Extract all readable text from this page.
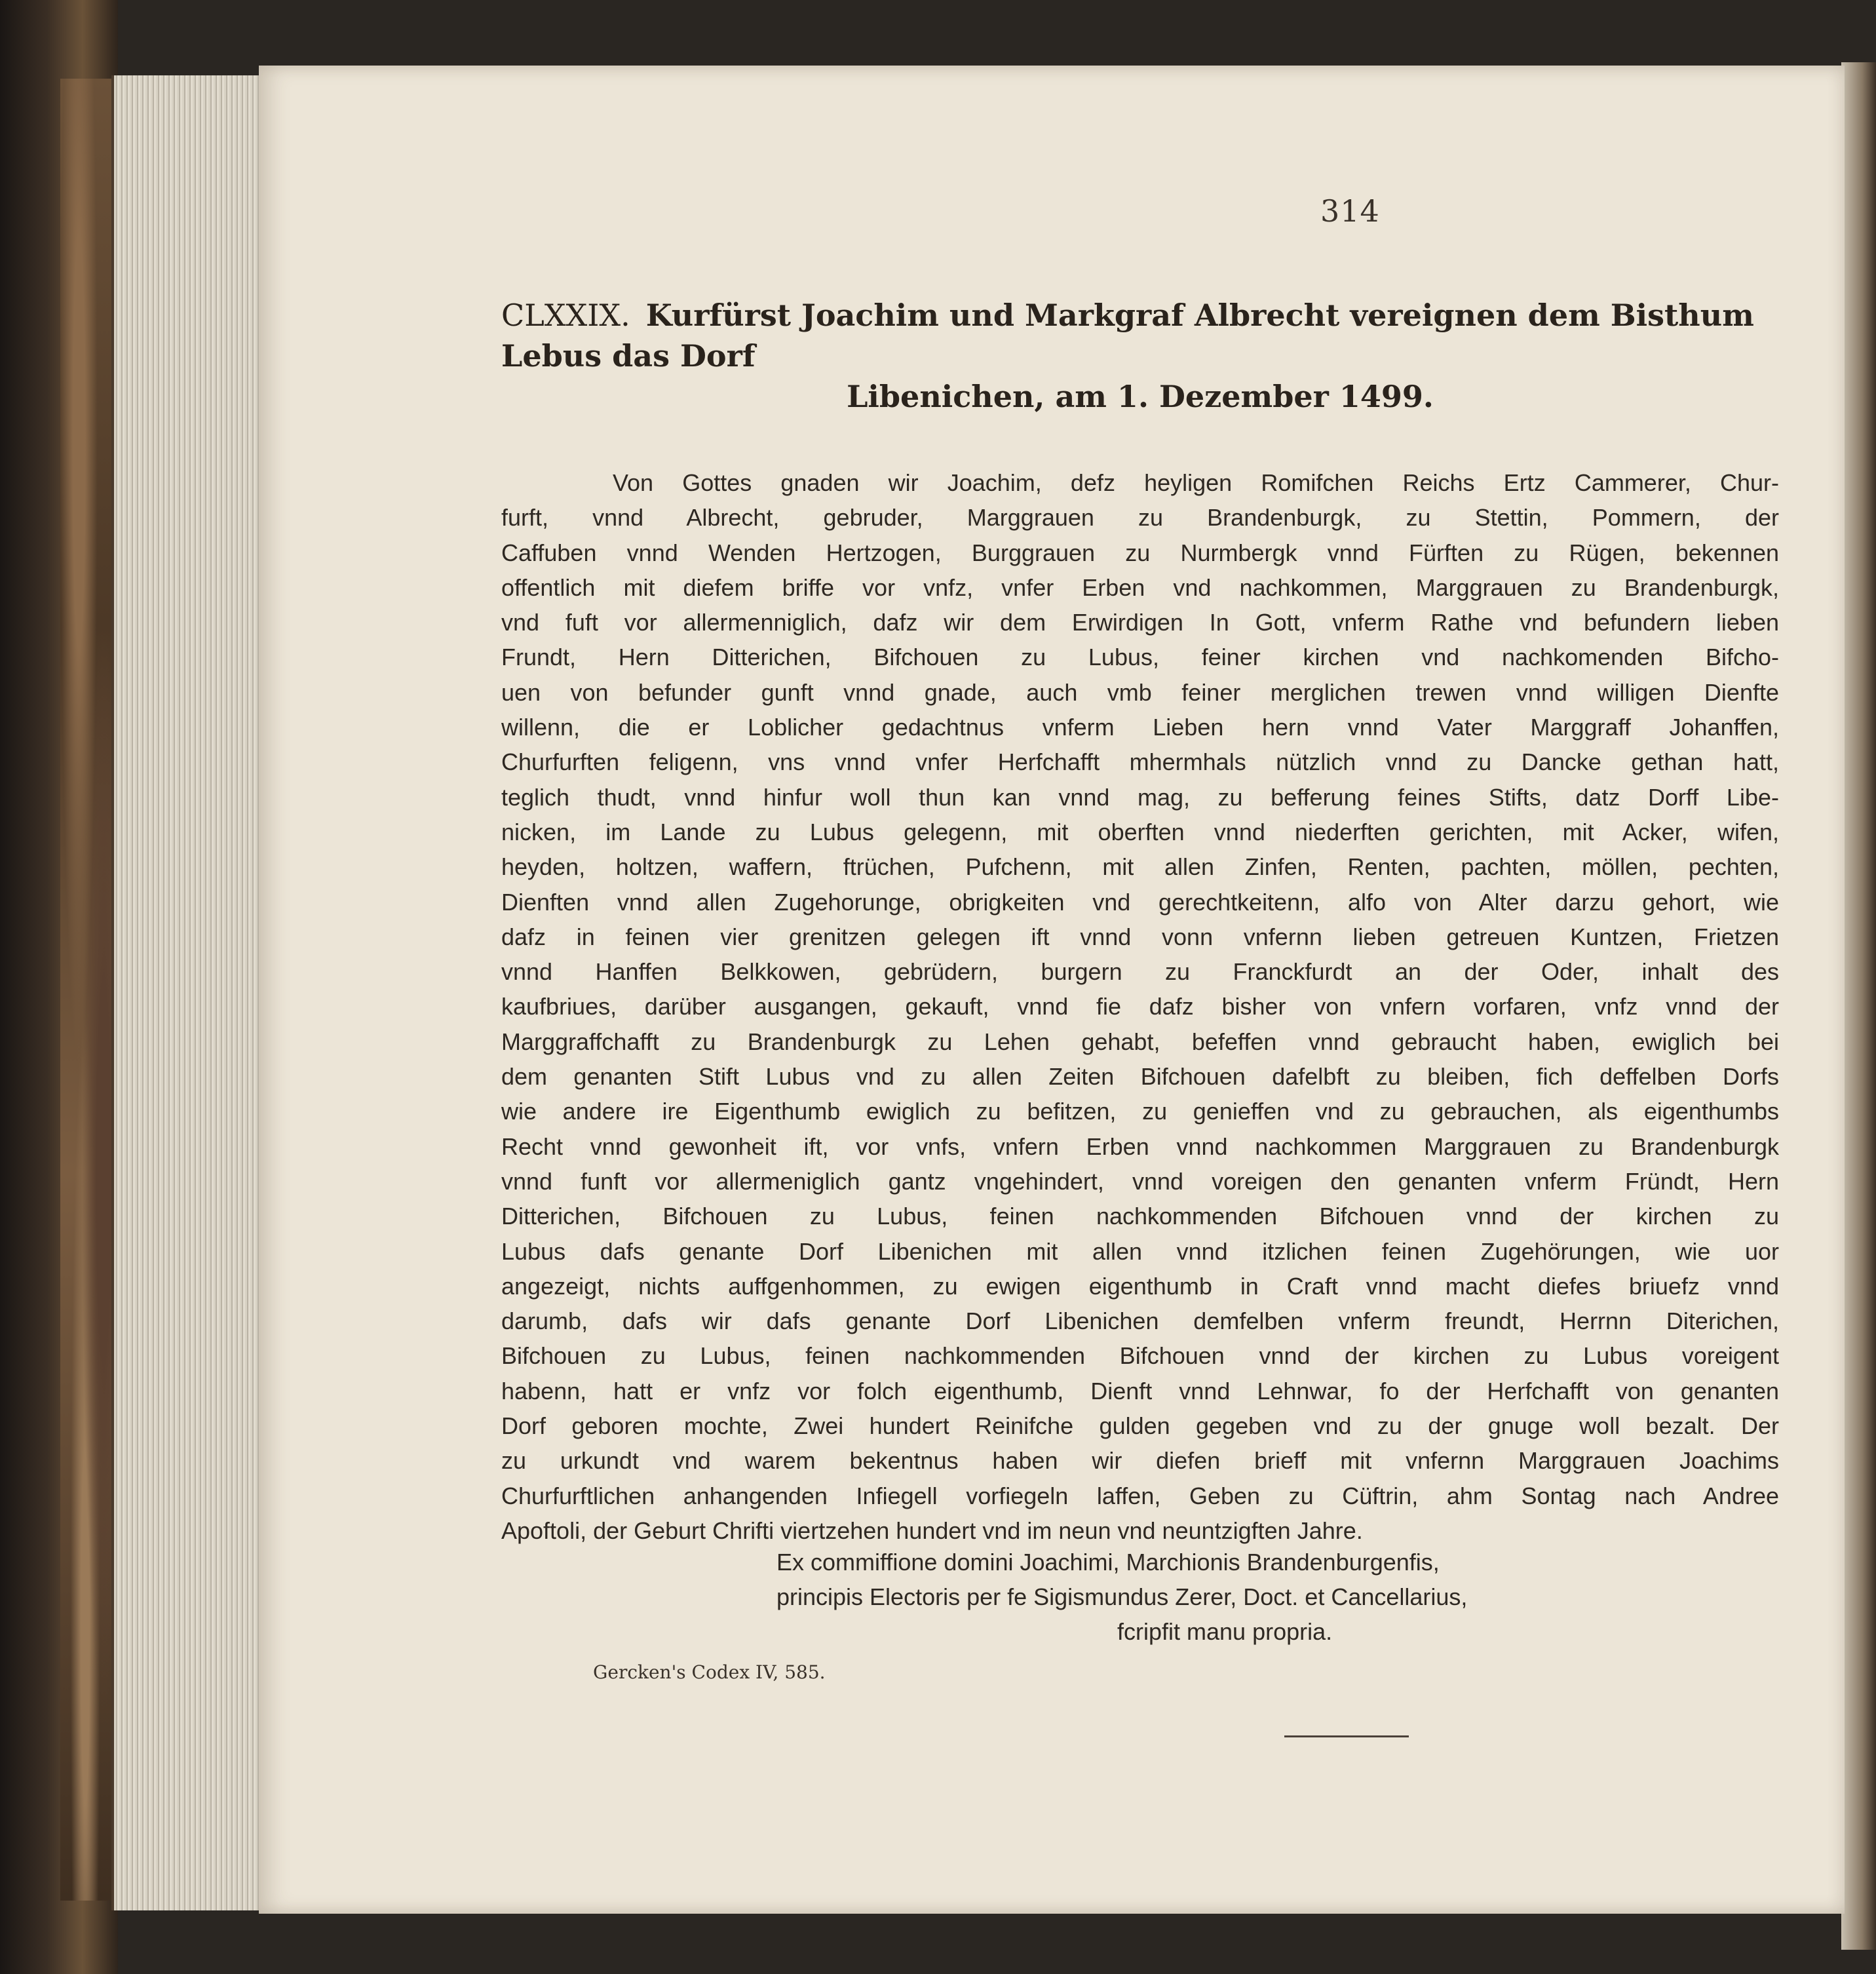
314
CLXXIX. Kurfürst Joachim und Markgraf Albrecht vereignen dem Bisthum Lebus das Dorf
Libenichen, am 1. Dezember 1499.
Von Gottes gnaden wir Joachim, defz heyligen Romifchen Reichs Ertz Cammerer, Chur-
furft, vnnd Albrecht, gebruder, Marggrauen zu Brandenburgk, zu Stettin, Pommern, der
Caffuben vnnd Wenden Hertzogen, Burggrauen zu Nurmbergk vnnd Fürften zu Rügen, bekennen
offentlich mit diefem briffe vor vnfz, vnfer Erben vnd nachkommen, Marggrauen zu Brandenburgk,
vnd fuft vor allermenniglich, dafz wir dem Erwirdigen In Gott, vnferm Rathe vnd befundern lieben
Frundt, Hern Ditterichen, Bifchouen zu Lubus, feiner kirchen vnd nachkomenden Bifcho-
uen von befunder gunft vnnd gnade, auch vmb feiner merglichen trewen vnnd willigen Dienfte
willenn, die er Loblicher gedachtnus vnferm Lieben hern vnnd Vater Marggraff Johanffen,
Churfurften feligenn, vns vnnd vnfer Herfchafft mhermhals nützlich vnnd zu Dancke gethan hatt,
teglich thudt, vnnd hinfur woll thun kan vnnd mag, zu befferung feines Stifts, datz Dorff Libe-
nicken, im Lande zu Lubus gelegenn, mit oberften vnnd niederften gerichten, mit Acker, wifen,
heyden, holtzen, waffern, ftrüchen, Pufchenn, mit allen Zinfen, Renten, pachten, möllen, pechten,
Dienften vnnd allen Zugehorunge, obrigkeiten vnd gerechtkeitenn, alfo von Alter darzu gehort, wie
dafz in feinen vier grenitzen gelegen ift vnnd vonn vnfernn lieben getreuen Kuntzen, Frietzen
vnnd Hanffen Belkkowen, gebrüdern, burgern zu Franckfurdt an der Oder, inhalt des
kaufbriues, darüber ausgangen, gekauft, vnnd fie dafz bisher von vnfern vorfaren, vnfz vnnd der
Marggraffchafft zu Brandenburgk zu Lehen gehabt, befeffen vnnd gebraucht haben, ewiglich bei
dem genanten Stift Lubus vnd zu allen Zeiten Bifchouen dafelbft zu bleiben, fich deffelben Dorfs
wie andere ire Eigenthumb ewiglich zu befitzen, zu genieffen vnd zu gebrauchen, als eigenthumbs
Recht vnnd gewonheit ift, vor vnfs, vnfern Erben vnnd nachkommen Marggrauen zu Brandenburgk
vnnd funft vor allermeniglich gantz vngehindert, vnnd voreigen den genanten vnferm Fründt, Hern
Ditterichen, Bifchouen zu Lubus, feinen nachkommenden Bifchouen vnnd der kirchen zu
Lubus dafs genante Dorf Libenichen mit allen vnnd itzlichen feinen Zugehörungen, wie uor
angezeigt, nichts auffgenhommen, zu ewigen eigenthumb in Craft vnnd macht diefes briuefz vnnd
darumb, dafs wir dafs genante Dorf Libenichen demfelben vnferm freundt, Herrnn Diterichen,
Bifchouen zu Lubus, feinen nachkommenden Bifchouen vnnd der kirchen zu Lubus voreigent
habenn, hatt er vnfz vor folch eigenthumb, Dienft vnnd Lehnwar, fo der Herfchafft von genanten
Dorf geboren mochte, Zwei hundert Reinifche gulden gegeben vnd zu der gnuge woll bezalt. Der
zu urkundt vnd warem bekentnus haben wir diefen brieff mit vnfernn Marggrauen Joachims
Churfurftlichen anhangenden Infiegell vorfiegeln laffen, Geben zu Cüftrin, ahm Sontag nach Andree
Apoftoli, der Geburt Chrifti viertzehen hundert vnd im neun vnd neuntzigften Jahre.
Ex commiffione domini Joachimi, Marchionis Brandenburgenfis,
principis Electoris per fe Sigismundus Zerer, Doct. et Cancellarius,
fcripfit manu propria.
Gercken's Codex IV, 585.
